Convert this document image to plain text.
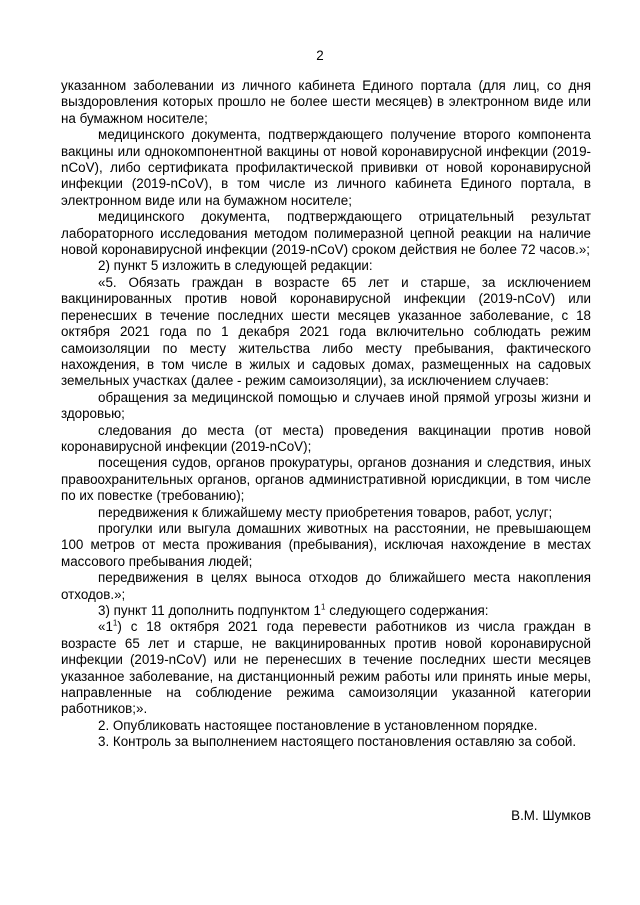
2

указанном заболевании из личного кабинета Единого портала (для лиц, со дня выздоровления которых прошло не более шести месяцев) в электронном виде или на бумажном носителе;

медицинского документа, подтверждающего получение второго компонента вакцины или однокомпонентной вакцины от новой коронавирусной инфекции (2019-nCoV), либо сертификата профилактической прививки от новой коронавирусной инфекции (2019-nCoV), в том числе из личного кабинета Единого портала, в электронном виде или на бумажном носителе;

медицинского документа, подтверждающего отрицательный результат лабораторного исследования методом полимеразной цепной реакции на наличие новой коронавирусной инфекции (2019-nCoV) сроком действия не более 72 часов.»;

2) пункт 5 изложить в следующей редакции:

«5. Обязать граждан в возрасте 65 лет и старше, за исключением вакцинированных против новой коронавирусной инфекции (2019-nCoV) или перенесших в течение последних шести месяцев указанное заболевание, с 18 октября 2021 года по 1 декабря 2021 года включительно соблюдать режим самоизоляции по месту жительства либо месту пребывания, фактического нахождения, в том числе в жилых и садовых домах, размещенных на садовых земельных участках (далее - режим самоизоляции), за исключением случаев:

обращения за медицинской помощью и случаев иной прямой угрозы жизни и здоровью;

следования до места (от места) проведения вакцинации против новой коронавирусной инфекции (2019-nCoV);

посещения судов, органов прокуратуры, органов дознания и следствия, иных правоохранительных органов, органов административной юрисдикции, в том числе по их повестке (требованию);

передвижения к ближайшему месту приобретения товаров, работ, услуг;

прогулки или выгула домашних животных на расстоянии, не превышающем 100 метров от места проживания (пребывания), исключая нахождение в местах массового пребывания людей;

передвижения в целях выноса отходов до ближайшего места накопления отходов.»;

3) пункт 11 дополнить подпунктом $1^1$ следующего содержания:

«$1^1$) с 18 октября 2021 года перевести работников из числа граждан в возрасте 65 лет и старше, не вакцинированных против новой коронавирусной инфекции (2019-nCoV) или не перенесших в течение последних шести месяцев указанное заболевание, на дистанционный режим работы или принять иные меры, направленные на соблюдение режима самоизоляции указанной категории работников;».

2. Опубликовать настоящее постановление в установленном порядке.

3. Контроль за выполнением настоящего постановления оставляю за собой.

В.М. Шумков
